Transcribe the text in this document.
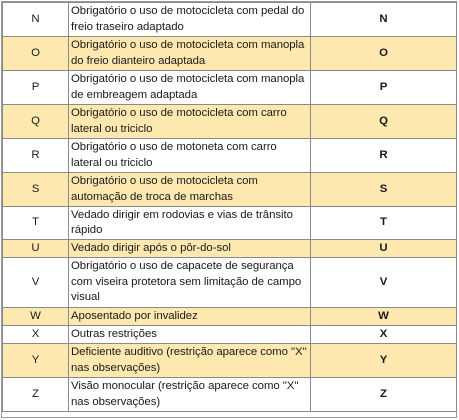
N	Obrigatório o uso de motocicleta com pedal do freio traseiro adaptado	N
O	Obrigatório o uso de motocicleta com manopla do freio dianteiro adaptada	O
P	Obrigatório o uso de motocicleta com manopla de embreagem adaptada	P
Q	Obrigatório o uso de motocicleta com carro lateral ou triciclo	Q
R	Obrigatório o uso de motoneta com carro lateral ou triciclo	R
S	Obrigatório o uso de motocicleta com automação de troca de marchas	S
T	Vedado dirigir em rodovias e vias de trânsito rápido	T
U	Vedado dirigir após o pôr-do-sol	U
V	Obrigatório o uso de capacete de segurança com viseira protetora sem limitação de campo visual	V
W	Aposentado por invalidez	W
X	Outras restrições	X
Y	Deficiente auditivo (restrição aparece como "X" nas observações)	Y
Z	Visão monocular (restrição aparece como "X" nas observações)	Z
